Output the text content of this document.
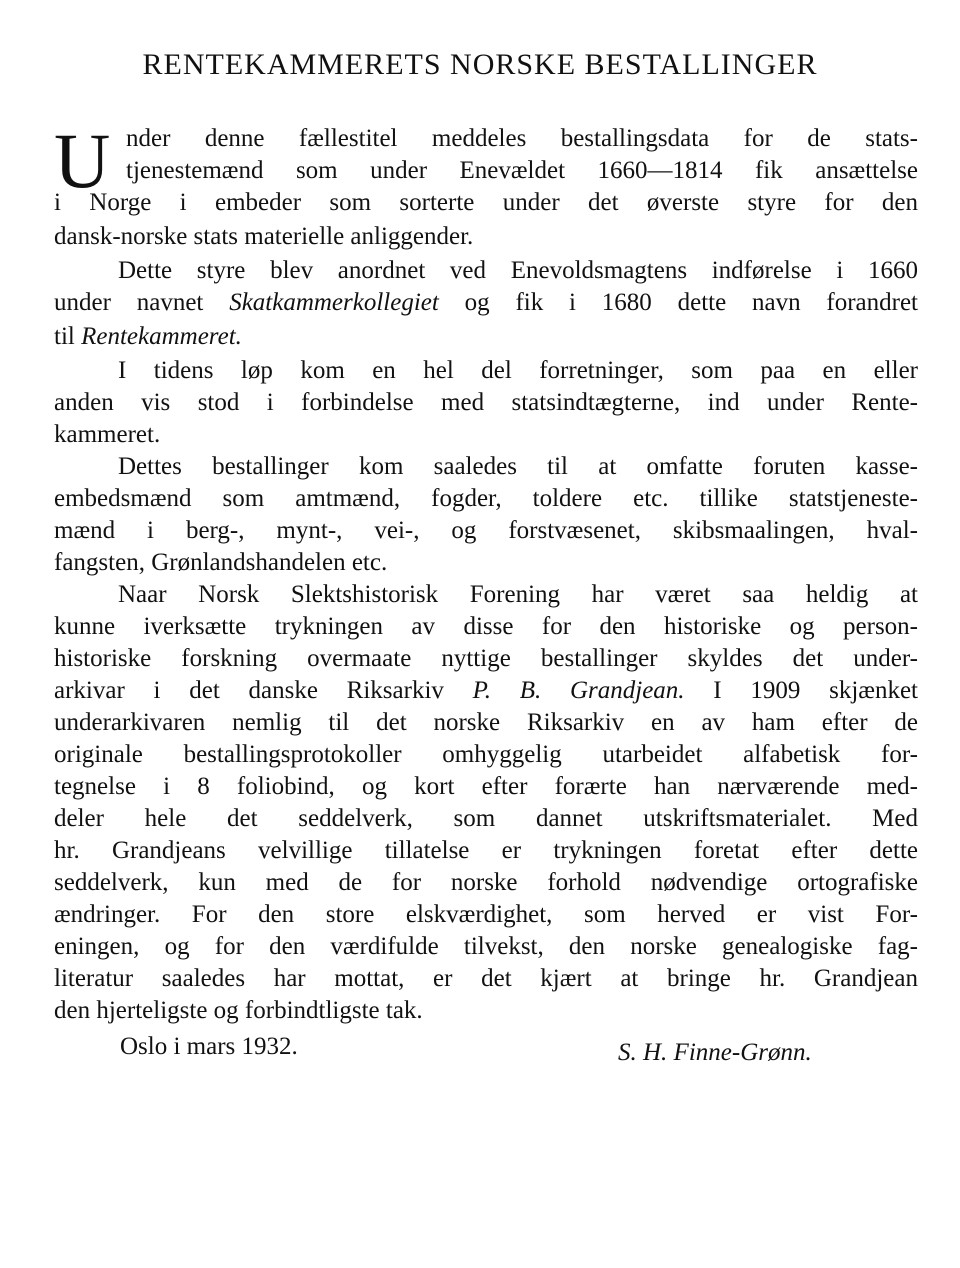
RENTEKAMMERETS NORSKE BESTALLINGER
U nder denne fællestitel meddeles bestallingsdata for de stats-
tjenestemænd som under Enevældet 1660—1814 fik ansættelse
i Norge i embeder som sorterte under det øverste styre for den
dansk-norske stats materielle anliggender.
Dette styre blev anordnet ved Enevoldsmagtens indførelse i 1660
under navnet Skatkammerkollegiet og fik i 1680 dette navn forandret
til Rentekammeret.
I tidens løp kom en hel del forretninger, som paa en eller
anden vis stod i forbindelse med statsindtægterne, ind under Rente-
kammeret.
Dettes bestallinger kom saaledes til at omfatte foruten kasse-
embedsmænd som amtmænd, fogder, toldere etc. tillike statstjeneste-
mænd i berg-, mynt-, vei-, og forstvæsenet, skibsmaalingen, hval-
fangsten, Grønlandshandelen etc.
Naar Norsk Slektshistorisk Forening har været saa heldig at
kunne iverksætte trykningen av disse for den historiske og person-
historiske forskning overmaate nyttige bestallinger skyldes det under-
arkivar i det danske Riksarkiv P. B. Grandjean. I 1909 skjænket
underarkivaren nemlig til det norske Riksarkiv en av ham efter de
originale bestallingsprotokoller omhyggelig utarbeidet alfabetisk for-
tegnelse i 8 foliobind, og kort efter forærte han nærværende med-
deler hele det seddelverk, som dannet utskriftsmaterialet. Med
hr. Grandjeans velvillige tillatelse er trykningen foretat efter dette
seddelverk, kun med de for norske forhold nødvendige ortografiske
ændringer. For den store elskværdighet, som herved er vist For-
eningen, og for den værdifulde tilvekst, den norske genealogiske fag-
literatur saaledes har mottat, er det kjært at bringe hr. Grandjean
den hjerteligste og forbindtligste tak.
Oslo i mars 1932.	S. H. Finne-Grønn.
